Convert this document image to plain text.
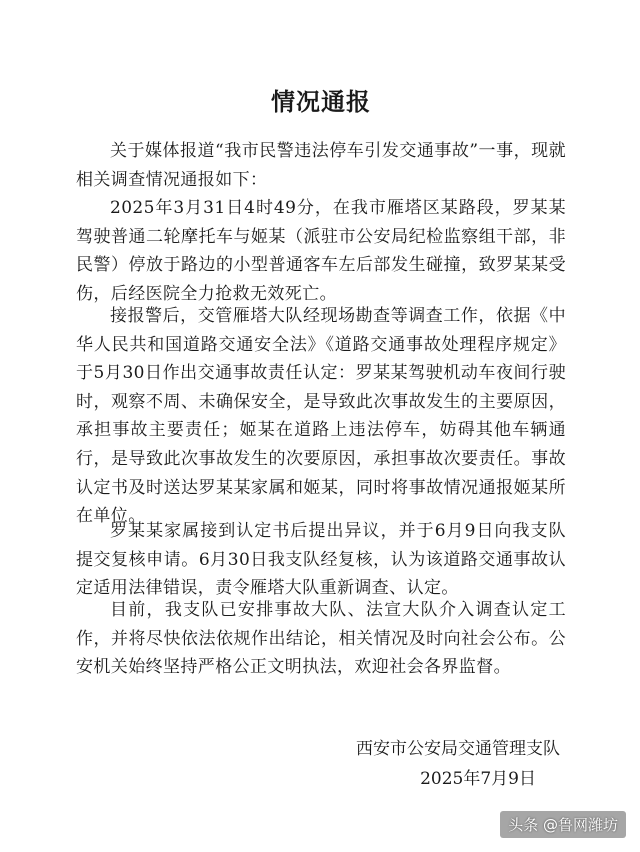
情况通报

关于媒体报道“我市民警违法停车引发交通事故”一事，现就相关调查情况通报如下：

2025年3月31日4时49分，在我市雁塔区某路段，罗某某驾驶普通二轮摩托车与姬某（派驻市公安局纪检监察组干部，非民警）停放于路边的小型普通客车左后部发生碰撞，致罗某某受伤，后经医院全力抢救无效死亡。

接报警后，交管雁塔大队经现场勘查等调查工作，依据《中华人民共和国道路交通安全法》《道路交通事故处理程序规定》于5月30日作出交通事故责任认定：罗某某驾驶机动车夜间行驶时，观察不周、未确保安全，是导致此次事故发生的主要原因，承担事故主要责任；姬某在道路上违法停车，妨碍其他车辆通行，是导致此次事故发生的次要原因，承担事故次要责任。事故认定书及时送达罗某某家属和姬某，同时将事故情况通报姬某所在单位。

罗某某家属接到认定书后提出异议，并于6月9日向我支队提交复核申请。6月30日我支队经复核，认为该道路交通事故认定适用法律错误，责令雁塔大队重新调查、认定。

目前，我支队已安排事故大队、法宣大队介入调查认定工作，并将尽快依法依规作出结论，相关情况及时向社会公布。公安机关始终坚持严格公正文明执法，欢迎社会各界监督。

西安市公安局交通管理支队
2025年7月9日
头条 @鲁网潍坊
